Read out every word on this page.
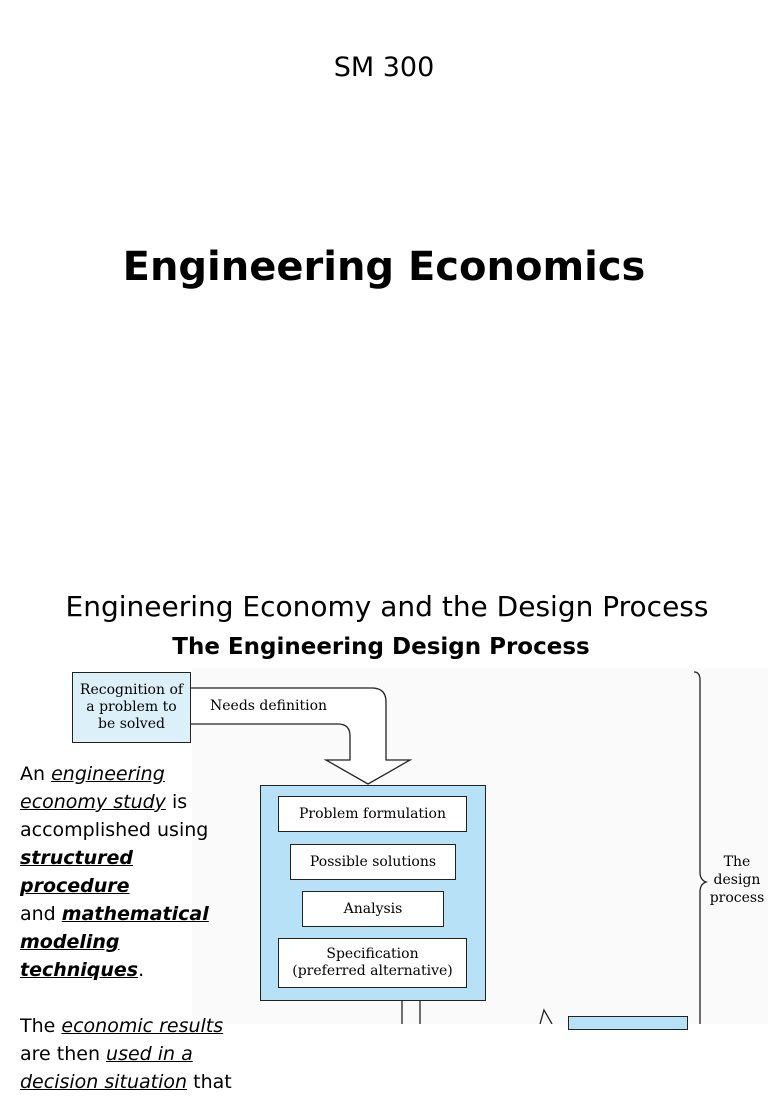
SM 300
Engineering Economics
Engineering Economy and the Design Process
The Engineering Design Process
Recognition of
a problem to
be solved
Needs definition
Problem formulation
Possible solutions
Analysis
Specification
(preferred alternative)
The
design
process
An engineering
economy study is
accomplished using
structured procedure
and mathematical
modeling techniques.
The economic results
are then used in a
decision situation that
